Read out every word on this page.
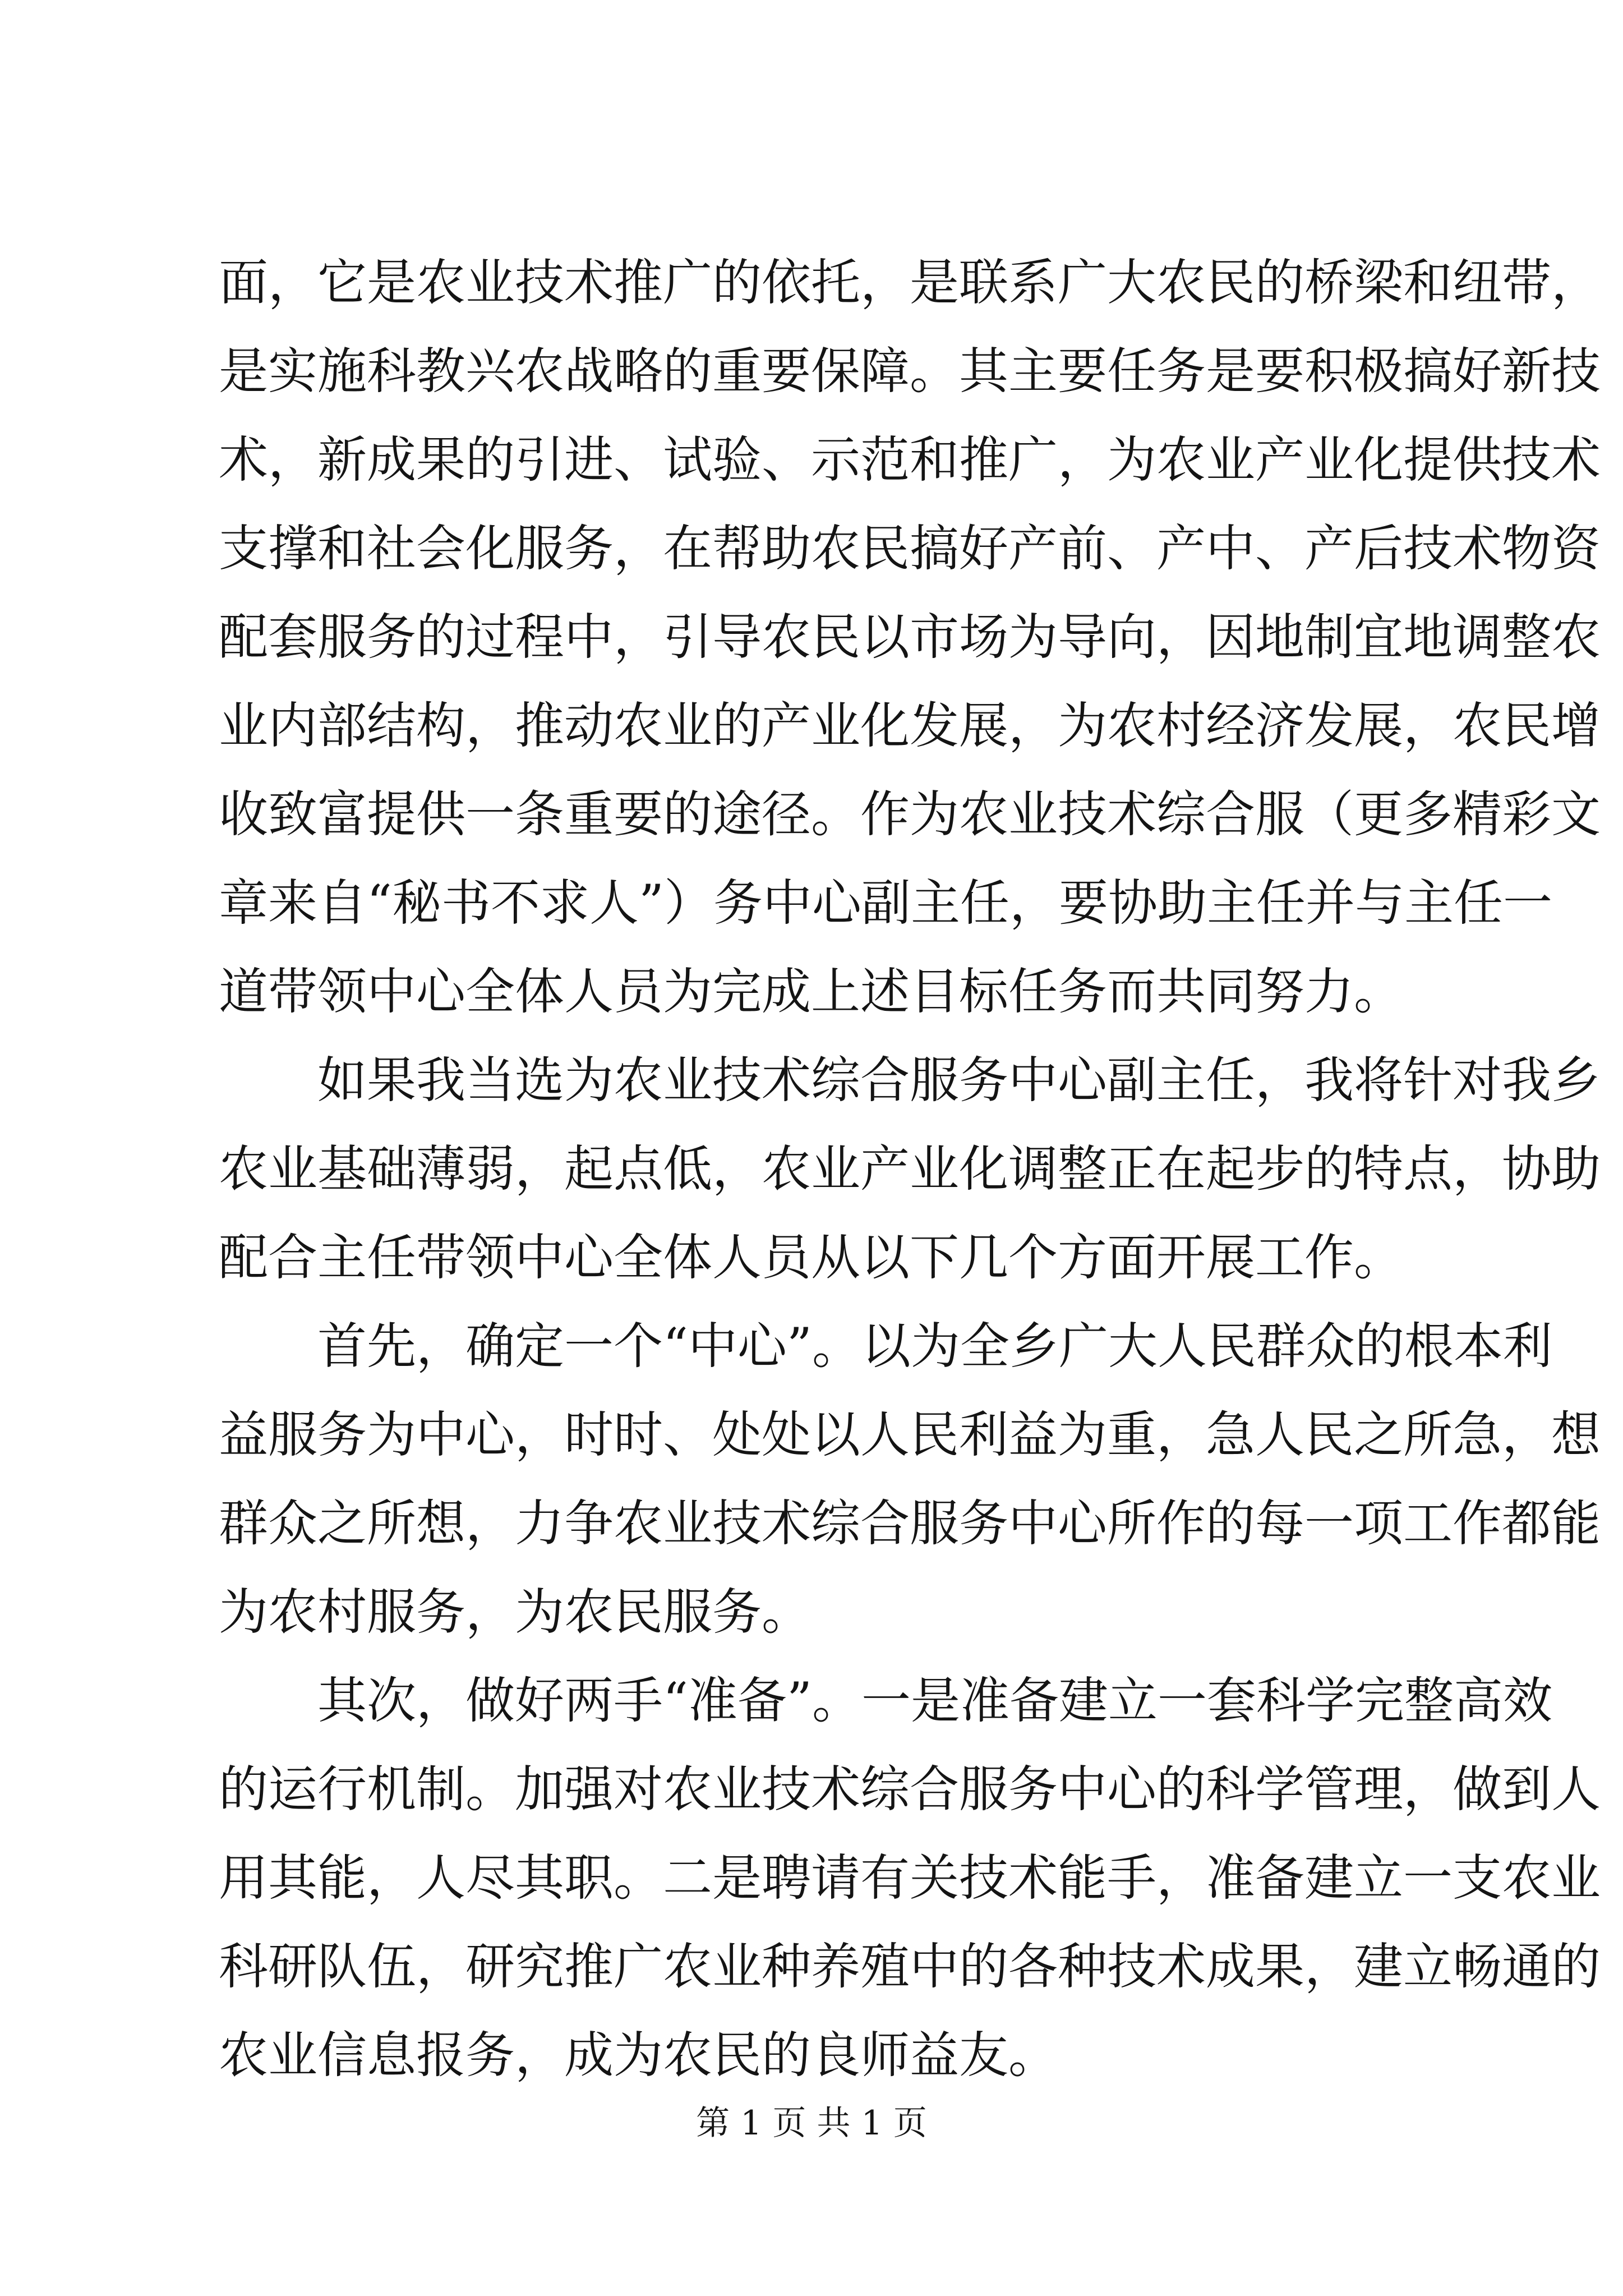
面，它是农业技术推广的依托，是联系广大农民的桥梁和纽带，
是实施科教兴农战略的重要保障。其主要任务是要积极搞好新技
术，新成果的引进、试验、示范和推广，为农业产业化提供技术
支撑和社会化服务，在帮助农民搞好产前、产中、产后技术物资
配套服务的过程中，引导农民以市场为导向，因地制宜地调整农
业内部结构，推动农业的产业化发展，为农村经济发展，农民增
收致富提供一条重要的途径。作为农业技术综合服（更多精彩文
章来自“秘书不求人”）务中心副主任，要协助主任并与主任一
道带领中心全体人员为完成上述目标任务而共同努力。
如果我当选为农业技术综合服务中心副主任，我将针对我乡
农业基础薄弱，起点低，农业产业化调整正在起步的特点，协助
配合主任带领中心全体人员从以下几个方面开展工作。
首先，确定一个“中心”。以为全乡广大人民群众的根本利
益服务为中心，时时、处处以人民利益为重，急人民之所急，想
群众之所想，力争农业技术综合服务中心所作的每一项工作都能
为农村服务，为农民服务。
其次，做好两手“准备”。一是准备建立一套科学完整高效
的运行机制。加强对农业技术综合服务中心的科学管理，做到人
用其能，人尽其职。二是聘请有关技术能手，准备建立一支农业
科研队伍，研究推广农业种养殖中的各种技术成果，建立畅通的
农业信息报务，成为农民的良师益友。
第 1 页 共 1 页
